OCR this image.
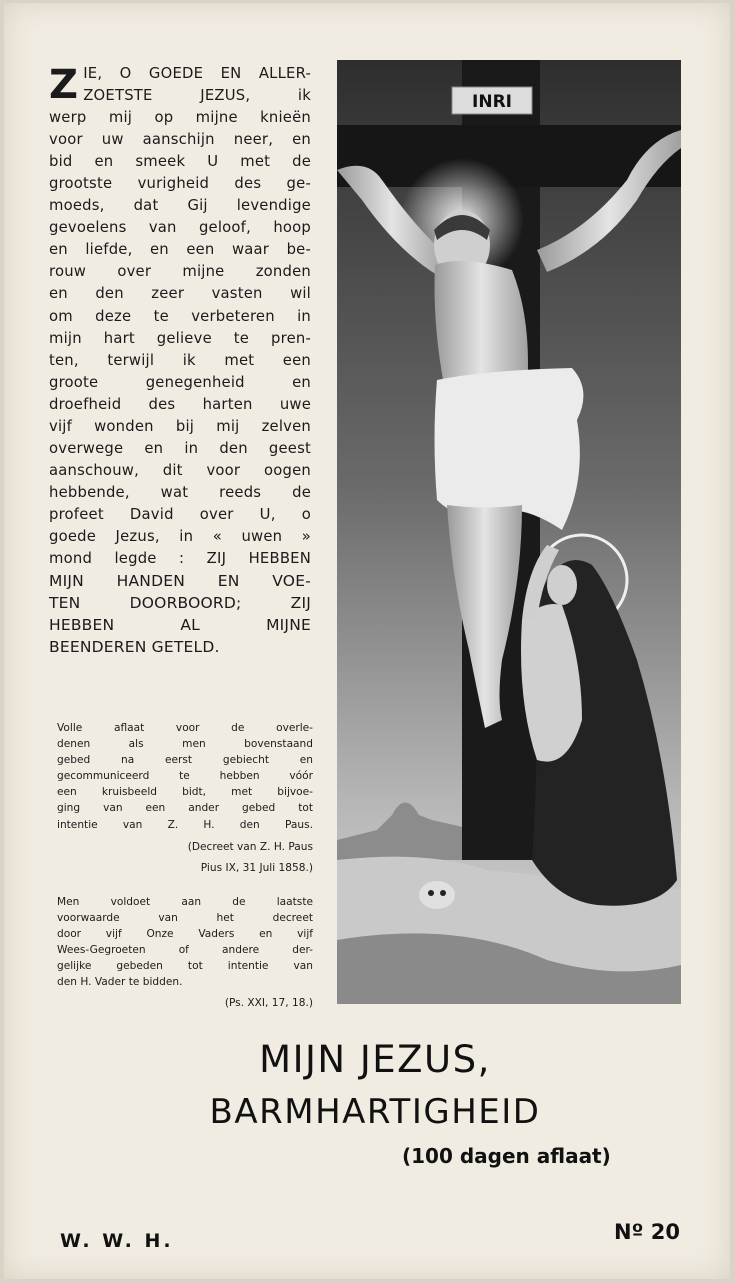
Z IE, O GOEDE EN ALLER-
ZOETSTE JEZUS, ik
werp mij op mijne knieën
voor uw aanschijn neer, en
bid en smeek U met de
grootste vurigheid des ge-
moeds, dat Gij levendige
gevoelens van geloof, hoop
en liefde, en een waar be-
rouw over mijne zonden
en den zeer vasten wil
om deze te verbeteren in
mijn hart gelieve te pren-
ten, terwijl ik met een
groote genegenheid en
droefheid des harten uwe
vijf wonden bij mij zelven
overwege en in den geest
aanschouw, dit voor oogen
hebbende, wat reeds de
profeet David over U, o
goede Jezus, in « uwen »
mond legde : ZIJ HEBBEN
MIJN HANDEN EN VOE-
TEN DOORBOORD; ZIJ
HEBBEN AL MIJNE
BEENDEREN GETELD.
Volle aflaat voor de overle-
denen als men bovenstaand
gebed na eerst gebiecht en
gecommuniceerd te hebben vóór
een kruisbeeld bidt, met bijvoe-
ging van een ander gebed tot
intentie van Z. H. den Paus.
(Decreet van Z. H. Paus
Pius IX, 31 Juli 1858.)
Men voldoet aan de laatste
voorwaarde van het decreet
door vijf Onze Vaders en vijf
Wees-Gegroeten of andere der-
gelijke gebeden tot intentie van
den H. Vader te bidden.
(Ps. XXI, 17, 18.)
INRI
MIJN JEZUS,
BARMHARTIGHEID
(100 dagen aflaat)
W. W. H.	Nº 20
